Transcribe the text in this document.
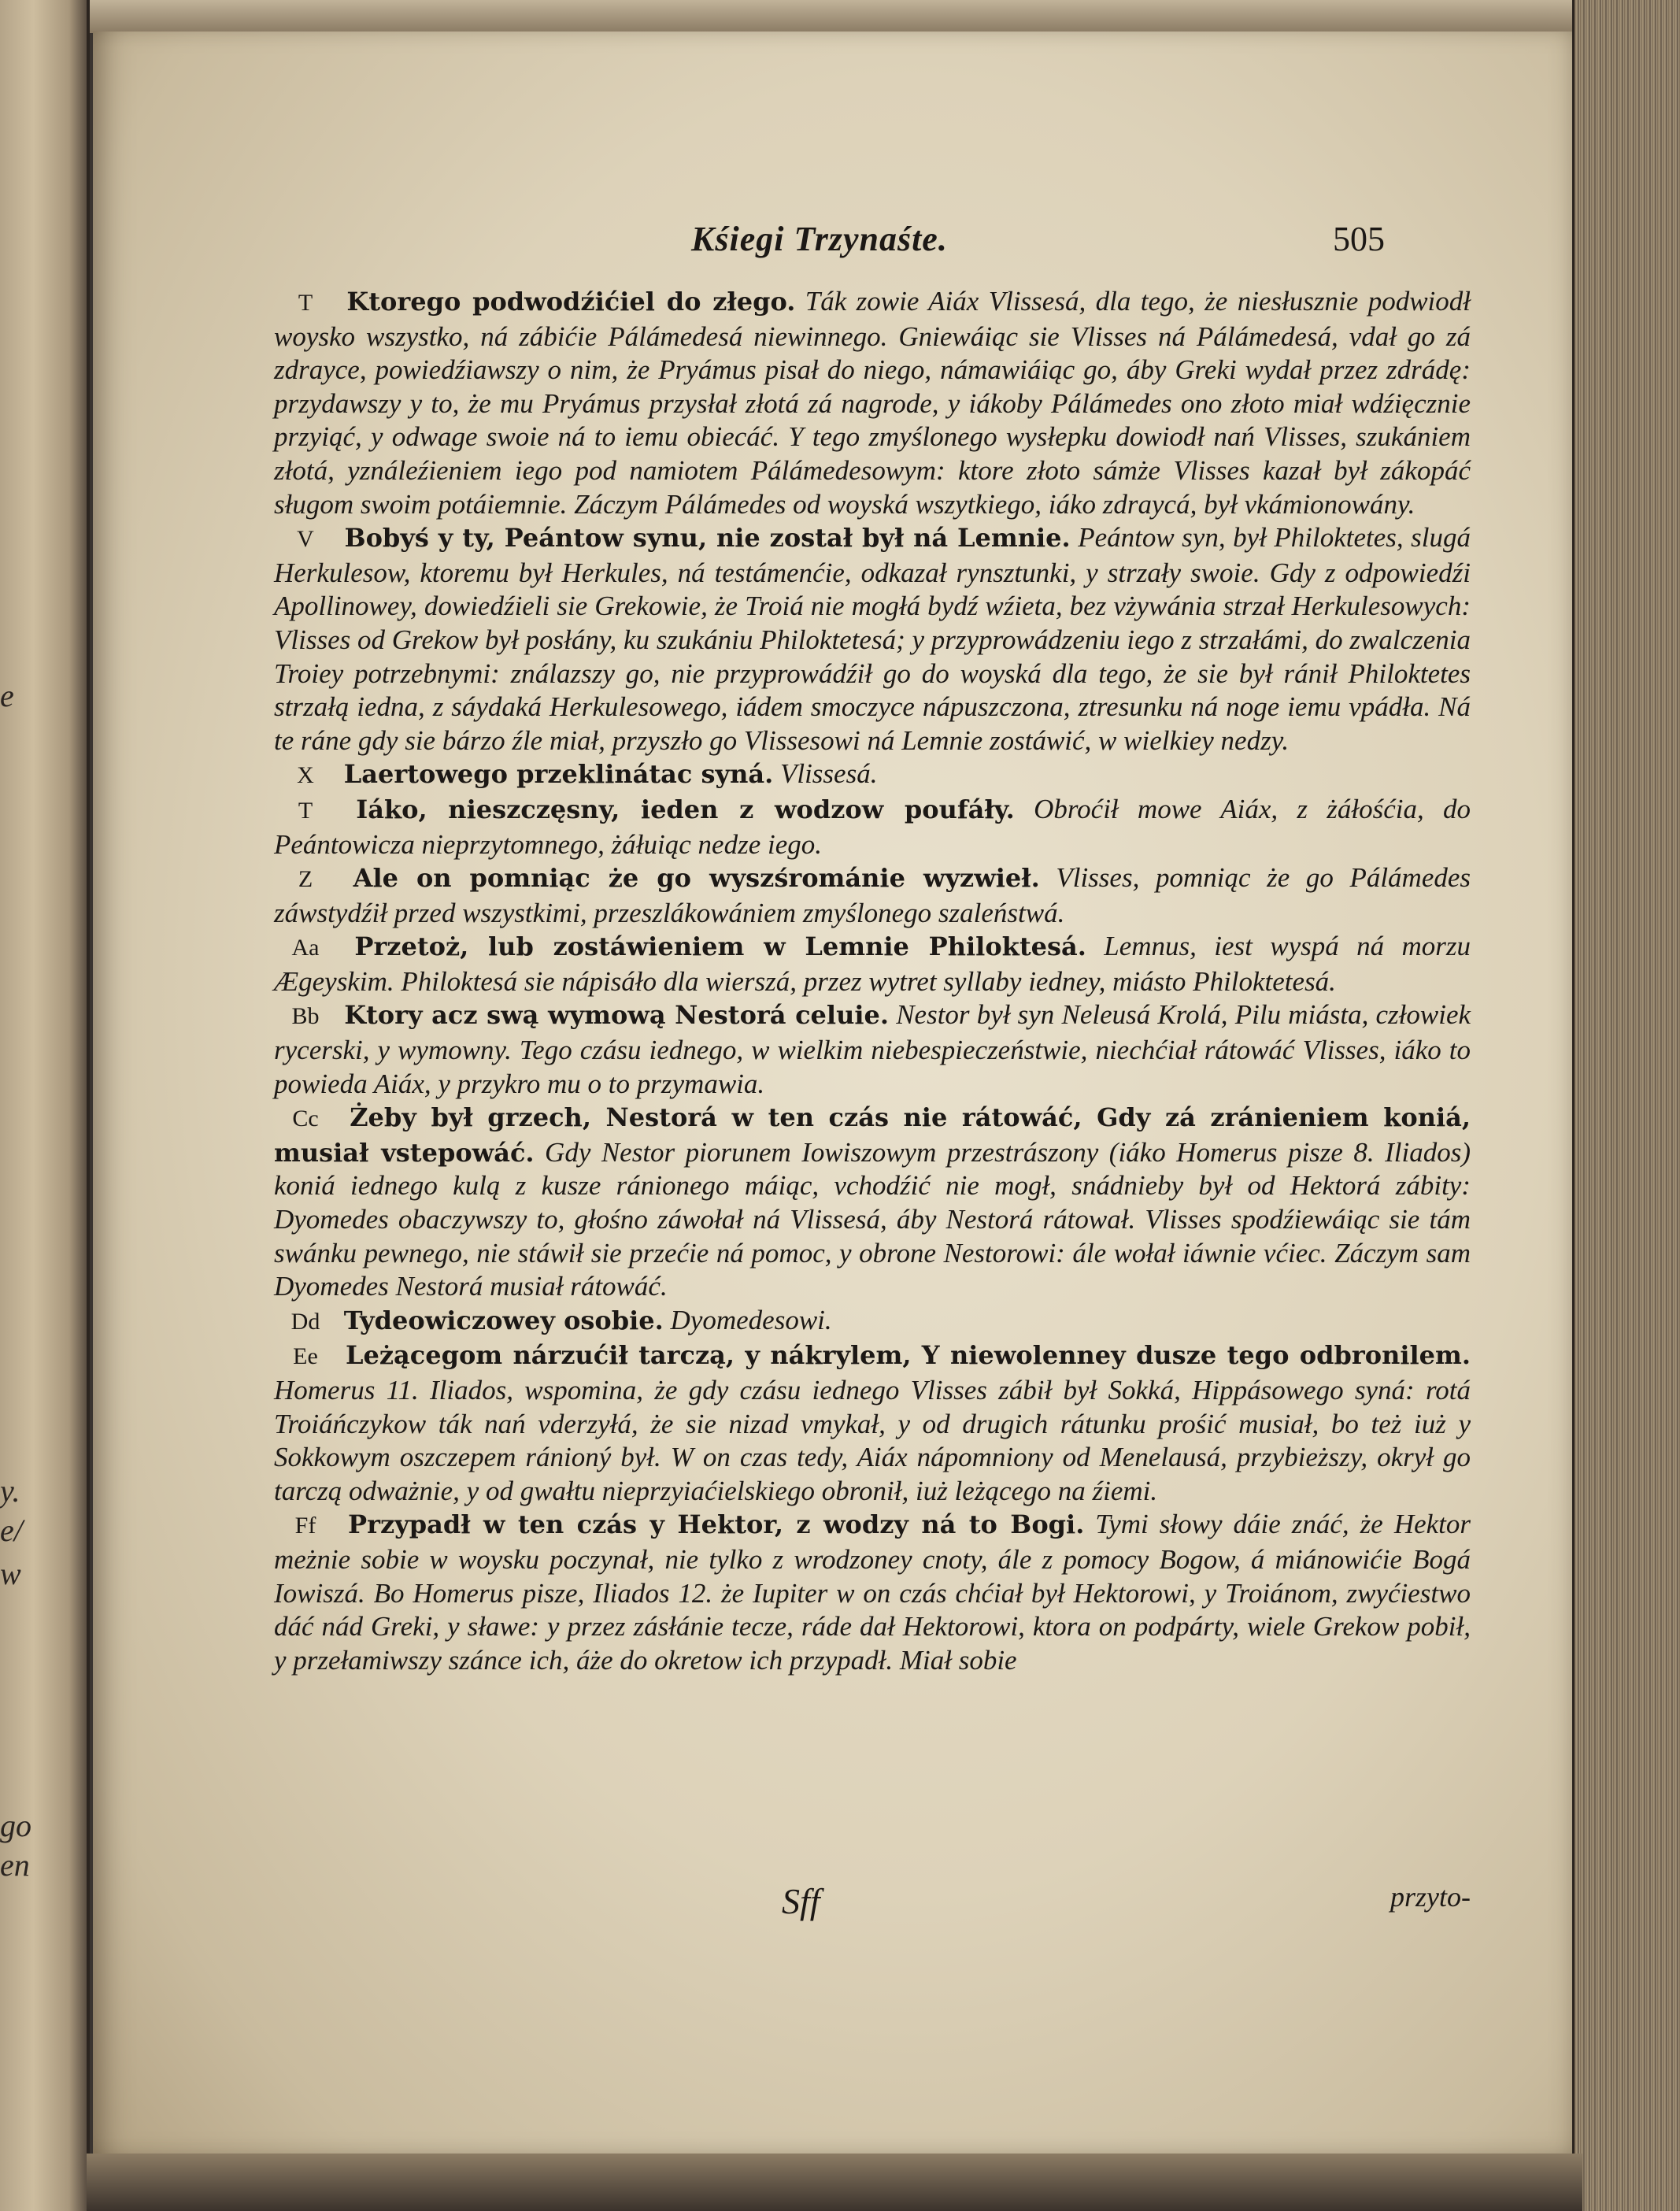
e
y.
e/
w
go
en
Kśiegi Trzynaśte.	505

T Ktorego podwodźićiel do złego. Ták zowie Aiáx Vlissesá, dla tego, że niesłusznie podwiodł woysko wszystko, ná zábićie Pálámedesá niewinnego. Gniewáiąc sie Vlisses ná Pálámedesá, vdał go zá zdrayce, powiedźiawszy o nim, że Pryámus pisał do niego, námawiáiąc go, áby Greki wydał przez zdrádę: przydawszy y to, że mu Pryámus przysłał złotá zá nagrode, y iákoby Pálámedes ono złoto miał wdźięcznie przyiąć, y odwage swoie ná to iemu obiecáć. Y tego zmyślonego wysłepku dowiodł nań Vlisses, szukániem złotá, yználeźieniem iego pod namiotem Pálámedesowym: ktore złoto sámże Vlisses kazał był zákopáć sługom swoim potáiemnie. Záczym Pálámedes od woyská wszytkiego, iáko zdraycá, był vkámionowány.

V Bobyś y ty, Peántow synu, nie został był ná Lemnie. Peántow syn, był Philoktetes, slugá Herkulesow, ktoremu był Herkules, ná testámenćie, odkazał rynsztunki, y strzały swoie. Gdy z odpowiedźi Apollinowey, dowiedźieli sie Grekowie, że Troiá nie mogłá bydź wźieta, bez vżywánia strzał Herkulesowych: Vlisses od Grekow był posłány, ku szukániu Philoktetesá; y przyprowádzeniu iego z strzałámi, do zwalczenia Troiey potrzebnymi: ználazszy go, nie przyprowádźił go do woyská dla tego, że sie był ránił Philoktetes strzałą iedna, z sáydaká Herkulesowego, iádem smoczyce nápuszczona, ztresunku ná noge iemu vpádła. Ná te ráne gdy sie bárzo źle miał, przyszło go Vlissesowi ná Lemnie zostáwić, w wielkiey nedzy.

X Laertowego przeklinátac syná. Vlissesá.

T Iáko, nieszczęsny, ieden z wodzow poufáły. Obroćił mowe Aiáx, z żáłośćia, do Peántowicza nieprzytomnego, żáłuiąc nedze iego.

Z Ale on pomniąc że go wyszśrománie wyzwieł. Vlisses, pomniąc że go Pálámedes záwstydźił przed wszystkimi, przeszlákowániem zmyślonego szaleństwá.

Aa Przetoż, lub zostáwieniem w Lemnie Philoktesá. Lemnus, iest wyspá ná morzu Ægeyskim. Philoktesá sie nápisáło dla wierszá, przez wytret syllaby iedney, miásto Philoktetesá.

Bb Ktory acz swą wymową Nestorá celuie. Nestor był syn Neleusá Krolá, Pilu miásta, człowiek rycerski, y wymowny. Tego czásu iednego, w wielkim niebespieczeństwie, niechćiał rátowáć Vlisses, iáko to powieda Aiáx, y przykro mu o to przymawia.

Cc Żeby był grzech, Nestorá w ten czás nie rátowáć, Gdy zá zránieniem koniá, musiał vstepowáć. Gdy Nestor piorunem Iowiszowym przestrászony (iáko Homerus pisze 8. Iliados) koniá iednego kulą z kusze ránionego máiąc, vchodźić nie mogł, snádnieby był od Hektorá zábity: Dyomedes obaczywszy to, głośno záwołał ná Vlissesá, áby Nestorá rátował. Vlisses spodźiewáiąc sie tám swánku pewnego, nie stáwił sie przećie ná pomoc, y obrone Nestorowi: ále wołał iáwnie vćiec. Záczym sam Dyomedes Nestorá musiał rátowáć.

Dd Tydeowiczowey osobie. Dyomedesowi.

Ee Leżącegom nárzućił tarczą, y nákrylem, Y niewolenney dusze tego odbronilem. Homerus 11. Iliados, wspomina, że gdy czásu iednego Vlisses zábił był Sokká, Hippásowego syná: rotá Troiáńczykow ták nań vderzyłá, że sie nizad vmykał, y od drugich rátunku prośić musiał, bo też iuż y Sokkowym oszczepem ránioný był. W on czas tedy, Aiáx nápomniony od Menelausá, przybieższy, okrył go tarczą odważnie, y od gwałtu nieprzyiaćielskiego obronił, iuż leżącego na źiemi.

Ff Przypadł w ten czás y Hektor, z wodzy ná to Bogi. Tymi słowy dáie znáć, że Hektor meżnie sobie w woysku poczynał, nie tylko z wrodzoney cnoty, ále z pomocy Bogow, á miánowićie Bogá Iowiszá. Bo Homerus pisze, Iliados 12. że Iupiter w on czás chćiał był Hektorowi, y Troiánom, zwyćiestwo dáć nád Greki, y sławe: y przez zásłánie tecze, ráde dał Hektorowi, ktora on podpárty, wiele Grekow pobił, y przełamiwszy szánce ich, áże do okretow ich przypadł. Miał sobie

Sff	przyto-
